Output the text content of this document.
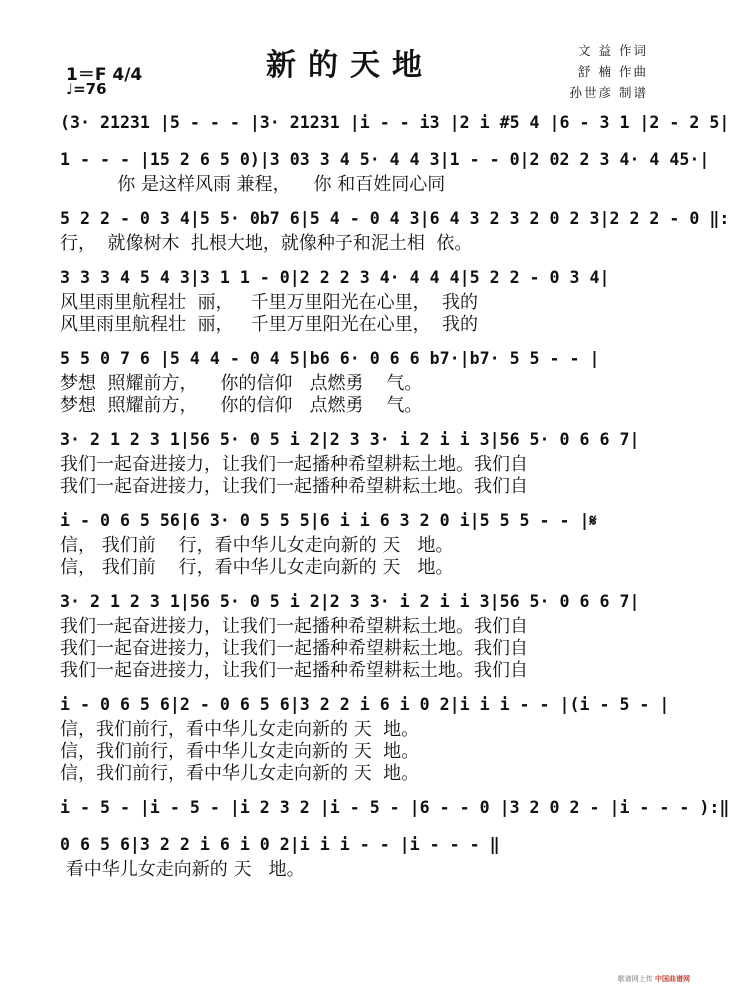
1＝F 4/4
♩=76
新的天地	文 益 作词
舒 楠 作曲
孙世彦 制谱
(3· 21231 |5 - - - |3· 21231 |i - - i3 |2 i #5 4 |6 - 3 1 |2 - 2 5|
1 - - - |15 2 6 5 0)|3 03 3 4 5· 4 4 3|1 - - 0|2 02 2 3 4· 4 45·|
你 是这样风雨 兼程，    你 和百姓同心同
5 2 2 - 0 3 4|5 5· 0b7 6|5 4 - 0 4 3|6 4 3 2 3 2 0 2 3|2 2 2 - 0 ‖:
行，  就像树木  扎根大地，就像种子和泥土相  依。
3 3 3 4 5 4 3|3 1 1 - 0|2 2 2 3 4· 4 4 4|5 2 2 - 0 3 4|
风里雨里航程壮  丽，   千里万里阳光在心里，  我的
风里雨里航程壮  丽，   千里万里阳光在心里，  我的
5 5 0 7 6 |5 4 4 - 0 4 5|b6 6· 0 6 6 b7·|b7· 5 5 - - |
梦想  照耀前方，    你的信仰   点燃勇    气。
梦想  照耀前方，    你的信仰   点燃勇    气。
3· 2 1 2 3 1|56 5· 0 5 i 2|2 3 3· i 2 i i 3|56 5· 0 6 6 7|
我们一起奋进接力，让我们一起播种希望耕耘土地。我们自
我们一起奋进接力，让我们一起播种希望耕耘土地。我们自
i - 0 6 5 56|6 3· 0 5 5 5|6 i i 6 3 2 0 i|5 5 5 - - |𝄋
信， 我们前    行，看中华儿女走向新的 天   地。
信， 我们前    行，看中华儿女走向新的 天   地。
3· 2 1 2 3 1|56 5· 0 5 i 2|2 3 3· i 2 i i 3|56 5· 0 6 6 7|
我们一起奋进接力，让我们一起播种希望耕耘土地。我们自
我们一起奋进接力，让我们一起播种希望耕耘土地。我们自
我们一起奋进接力，让我们一起播种希望耕耘土地。我们自
i - 0 6 5 6|2 - 0 6 5 6|3 2 2 i 6 i 0 2|i i i - - |(i - 5 - |
信，我们前行，看中华儿女走向新的 天  地。
信，我们前行，看中华儿女走向新的 天  地。
信，我们前行，看中华儿女走向新的 天  地。
i - 5 - |i - 5 - |i 2 3 2 |i - 5 - |6 - - 0 |3 2 0 2 - |i - - - ):‖
0 6 5 6|3 2 2 i 6 i 0 2|i i i - - |i - - - ‖
看中华儿女走向新的 天   地。
歌谱网上传 中国曲谱网
